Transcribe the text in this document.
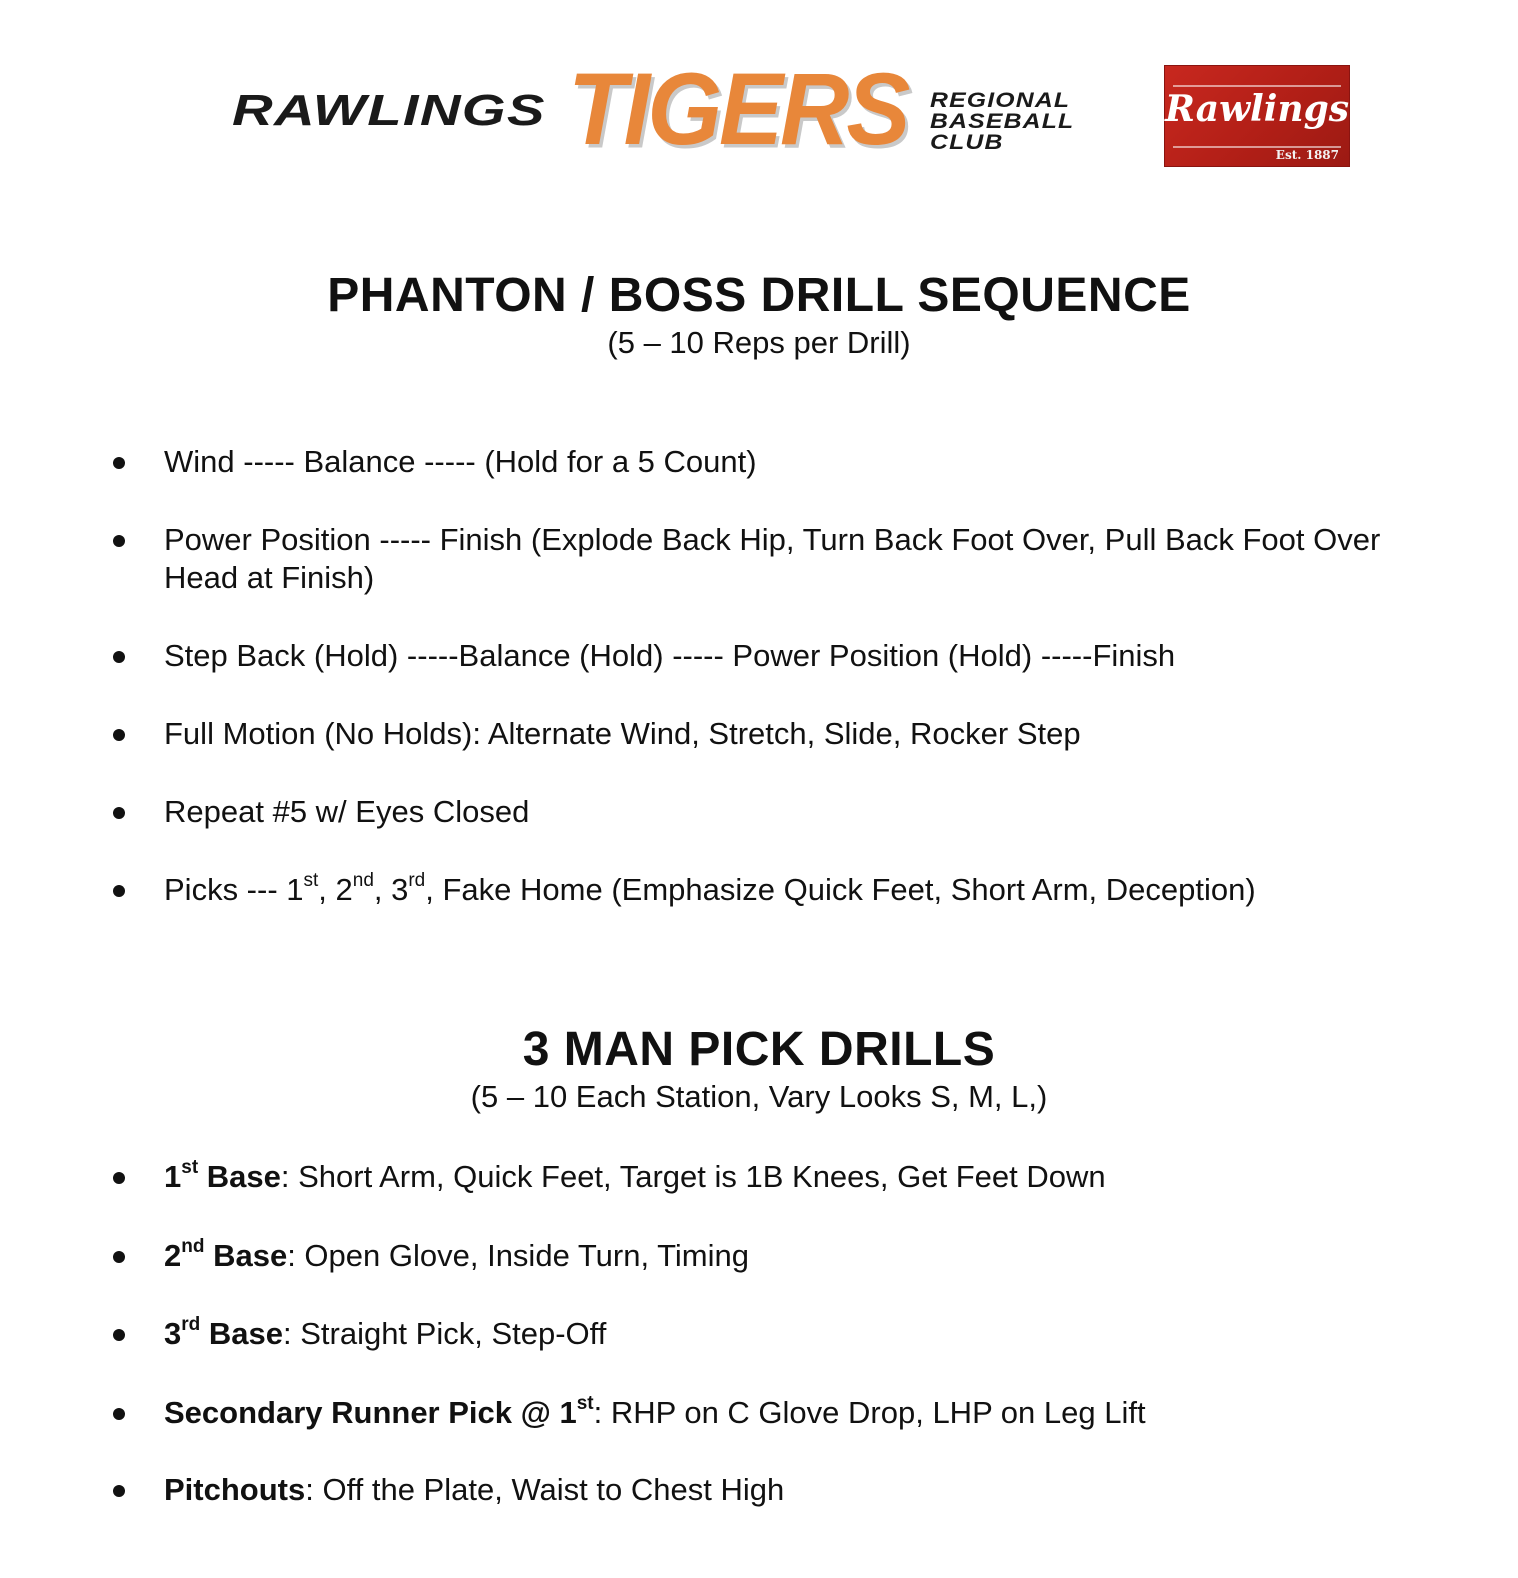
RAWLINGS TIGERS REGIONAL
BASEBALL
CLUB
Rawlings
Est. 1887
PHANTON / BOSS DRILL SEQUENCE

(5 – 10 Reps per Drill)

Wind ----- Balance ----- (Hold for a 5 Count)
Power Position ----- Finish (Explode Back Hip, Turn Back Foot Over, Pull Back Foot Over Head at Finish)
Step Back (Hold) -----Balance (Hold) ----- Power Position (Hold) -----Finish
Full Motion (No Holds): Alternate Wind, Stretch, Slide, Rocker Step
Repeat #5 w/ Eyes Closed
Picks --- 1st, 2nd, 3rd, Fake Home (Emphasize Quick Feet, Short Arm, Deception)
3 MAN PICK DRILLS

(5 – 10 Each Station, Vary Looks S, M, L,)

1st Base: Short Arm, Quick Feet, Target is 1B Knees, Get Feet Down
2nd Base: Open Glove, Inside Turn, Timing
3rd Base: Straight Pick, Step-Off
Secondary Runner Pick @ 1st: RHP on C Glove Drop, LHP on Leg Lift
Pitchouts: Off the Plate, Waist to Chest High
